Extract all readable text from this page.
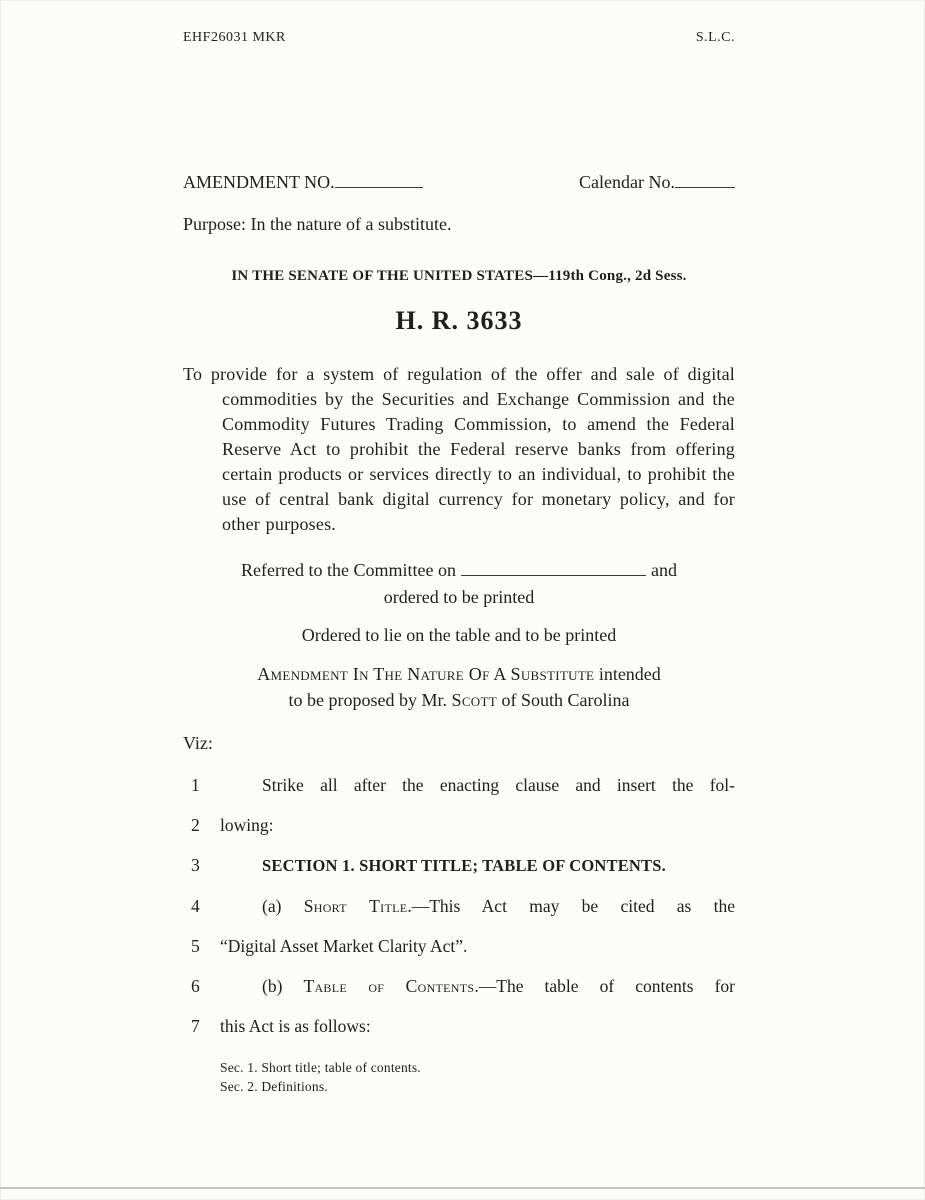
EHF26031 MKR	S.L.C.
AMENDMENT NO.	Calendar No.
Purpose: In the nature of a substitute.
IN THE SENATE OF THE UNITED STATES—119th Cong., 2d Sess.
H. R. 3633
To provide for a system of regulation of the offer and sale of digital commodities by the Securities and Exchange Commission and the Commodity Futures Trading Commission, to amend the Federal Reserve Act to prohibit the Federal reserve banks from offering certain products or services directly to an individual, to prohibit the use of central bank digital currency for monetary policy, and for other purposes.
Referred to the Committee on	and
ordered to be printed
Ordered to lie on the table and to be printed
Amendment In The Nature Of A Substitute intended
to be proposed by Mr. Scott of South Carolina
Viz:
1	Strike all after the enacting clause and insert the fol-
2	lowing:
3	SECTION 1. SHORT TITLE; TABLE OF CONTENTS.
4	(a) Short Title.—This Act may be cited as the
5	“Digital Asset Market Clarity Act”.
6	(b) Table of Contents.—The table of contents for
7	this Act is as follows:
Sec. 1. Short title; table of contents.
Sec. 2. Definitions.
